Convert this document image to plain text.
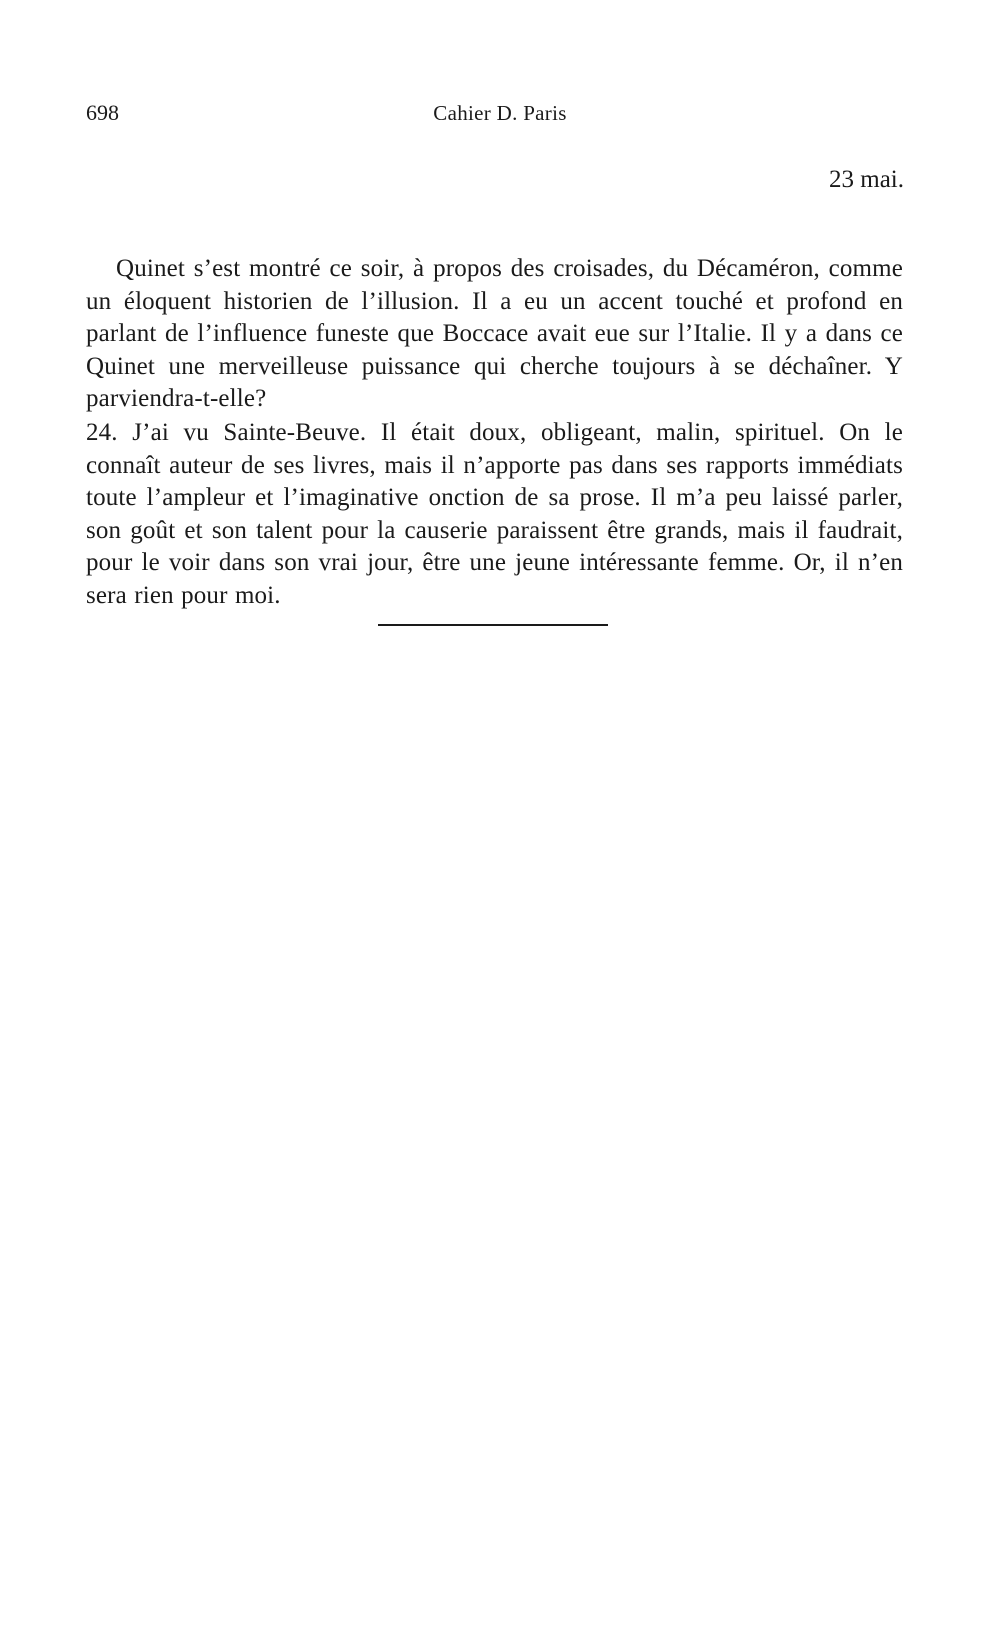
698	Cahier D. Paris
23 mai.

Quinet s’est montré ce soir, à propos des croisades, du Décaméron, comme un éloquent historien de l’illusion. Il a eu un accent touché et profond en parlant de l’influence funeste que Boccace avait eue sur l’Italie. Il y a dans ce Quinet une merveilleuse puissance qui cherche toujours à se déchaîner. Y parviendra-t-elle?

24. J’ai vu Sainte-Beuve. Il était doux, obligeant, malin, spirituel. On le connaît auteur de ses livres, mais il n’apporte pas dans ses rapports immédiats toute l’ampleur et l’imaginative onction de sa prose. Il m’a peu laissé parler, son goût et son talent pour la causerie paraissent être grands, mais il faudrait, pour le voir dans son vrai jour, être une jeune intéressante femme. Or, il n’en sera rien pour moi.
